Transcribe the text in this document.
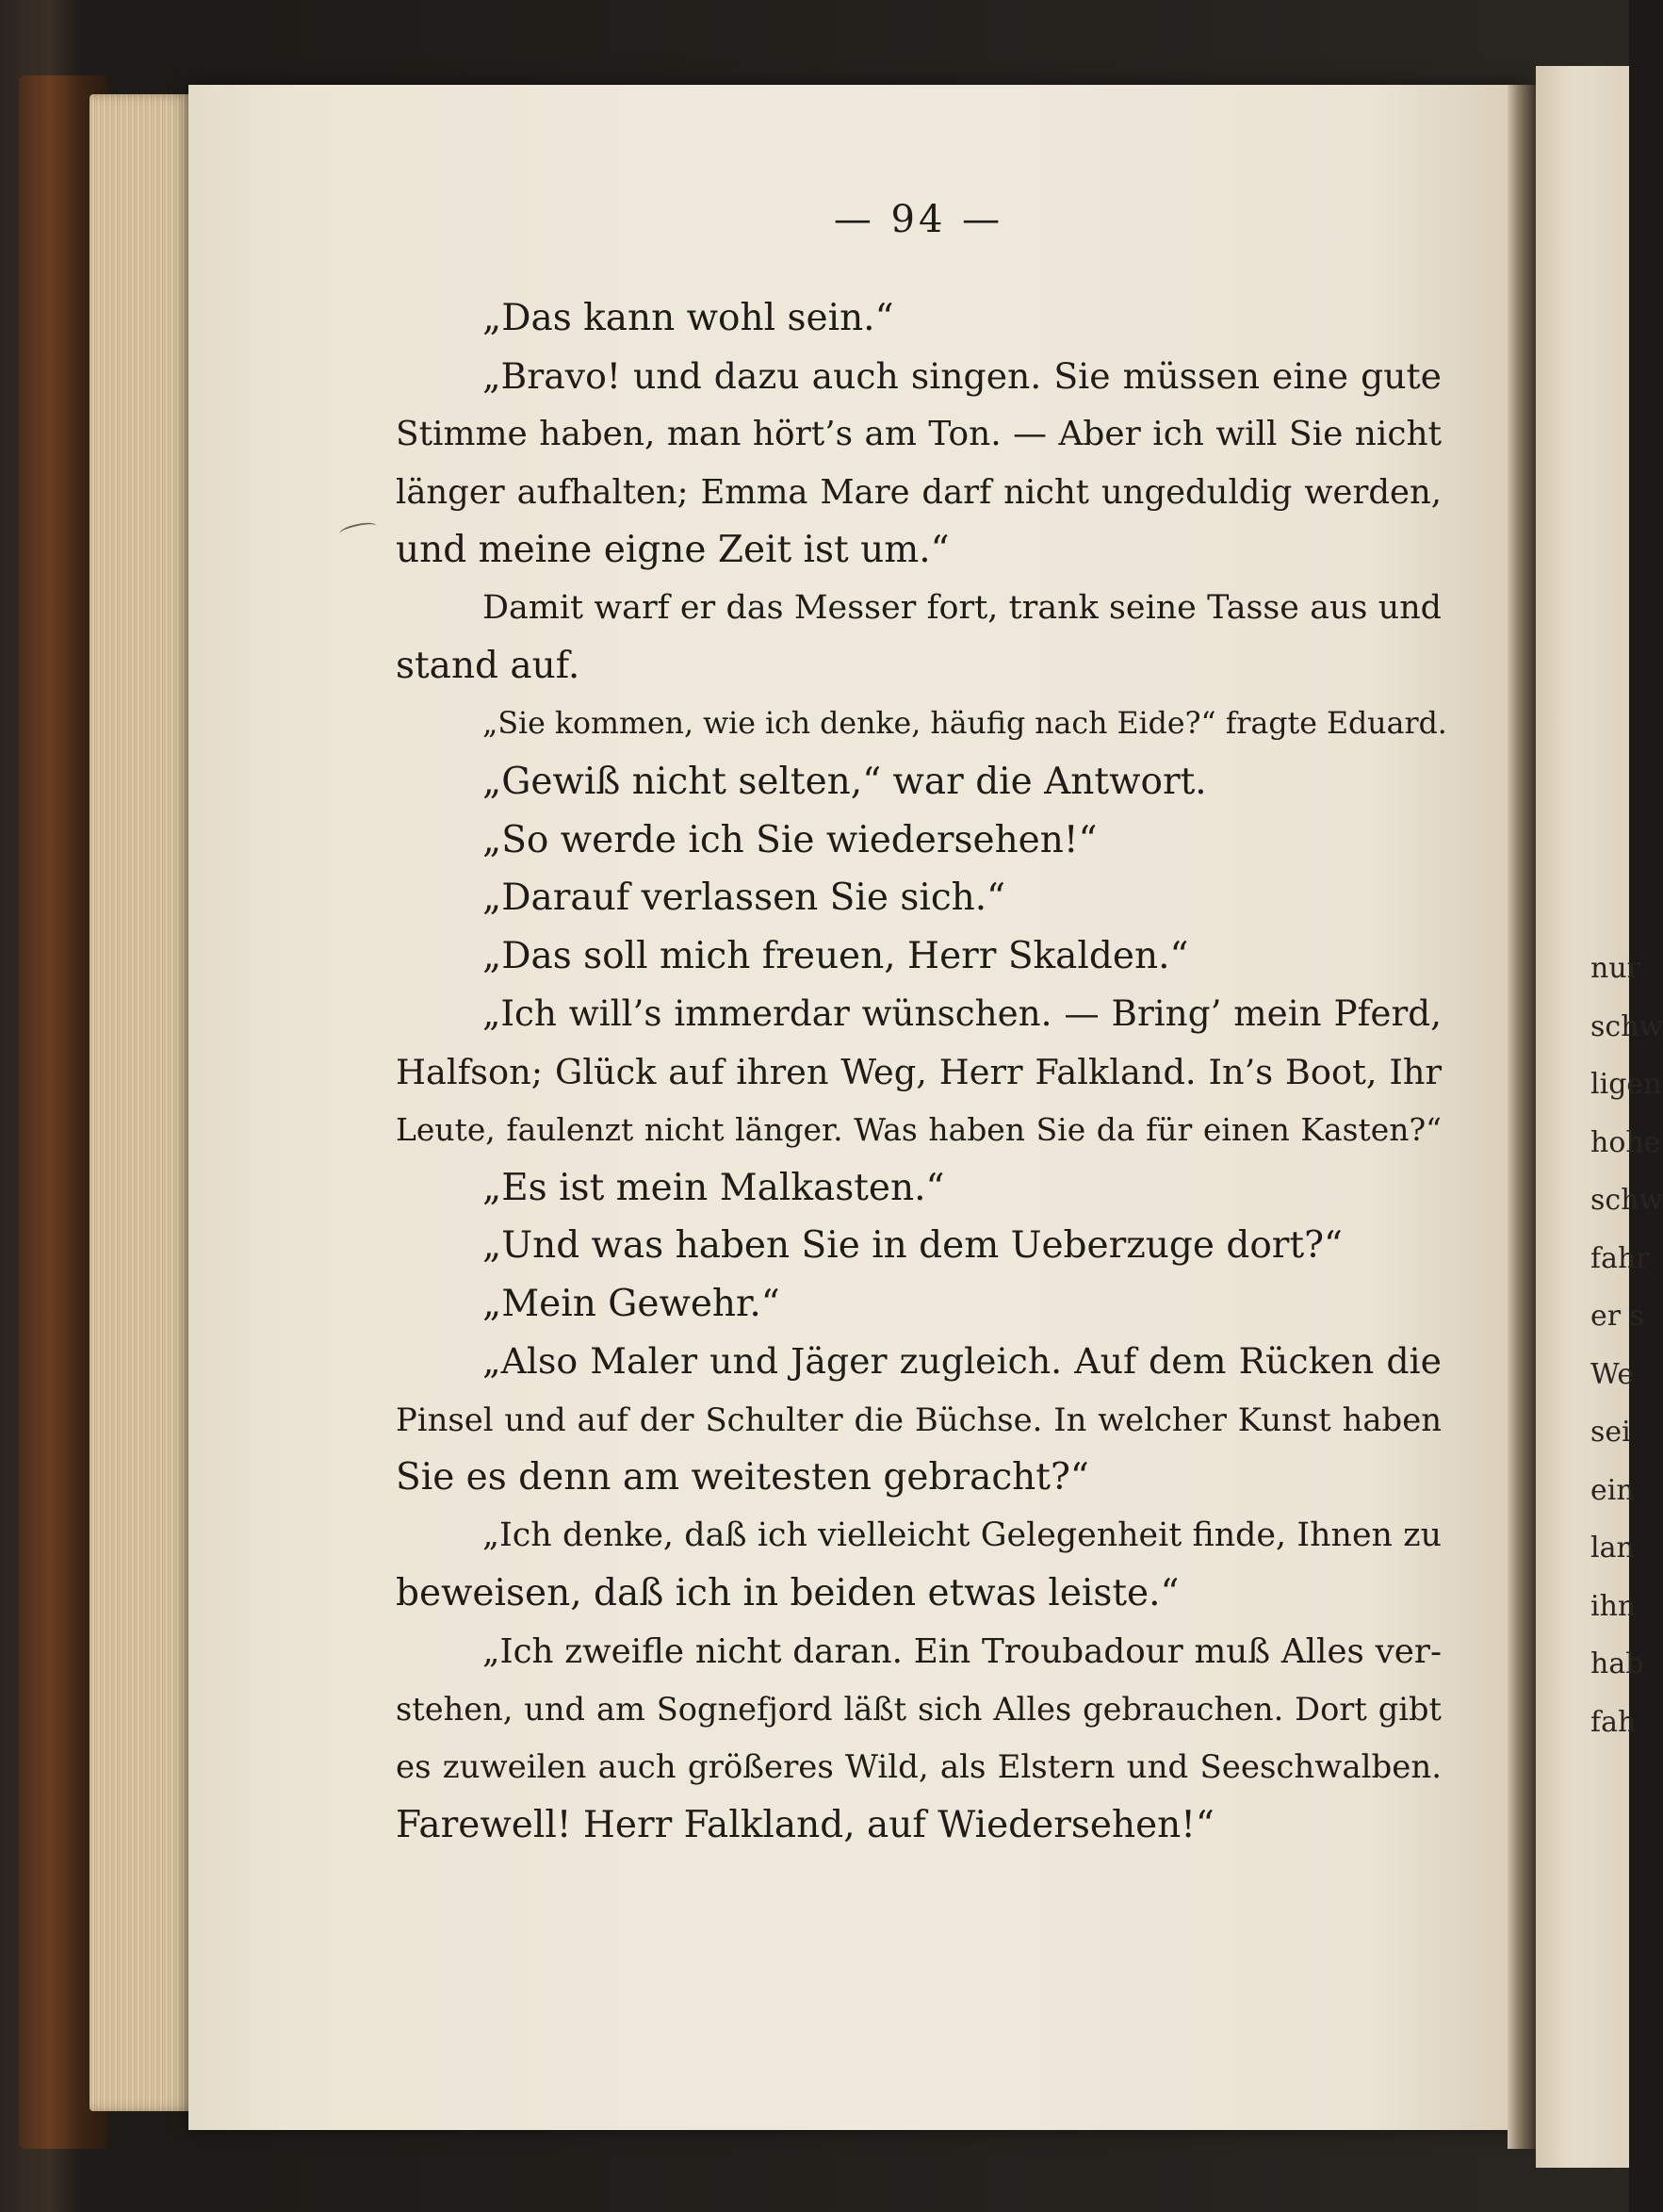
nur
schw
ligen
hohe
schw
fahr
er s
We
sei
ein
lan
ihn
hab
fah
— 94 —
„Das kann wohl sein.“
„Bravo! und dazu auch singen. Sie müssen eine gute
Stimme haben, man hört’s am Ton. — Aber ich will Sie nicht
länger aufhalten; Emma Mare darf nicht ungeduldig werden,
und meine eigne Zeit ist um.“
Damit warf er das Messer fort, trank seine Tasse aus und
stand auf.
„Sie kommen, wie ich denke, häufig nach Eide?“ fragte Eduard.
„Gewiß nicht selten,“ war die Antwort.
„So werde ich Sie wiedersehen!“
„Darauf verlassen Sie sich.“
„Das soll mich freuen, Herr Skalden.“
„Ich will’s immerdar wünschen. — Bring’ mein Pferd,
Halfson; Glück auf ihren Weg, Herr Falkland. In’s Boot, Ihr
Leute, faulenzt nicht länger. Was haben Sie da für einen Kasten?“
„Es ist mein Malkasten.“
„Und was haben Sie in dem Ueberzuge dort?“
„Mein Gewehr.“
„Also Maler und Jäger zugleich. Auf dem Rücken die
Pinsel und auf der Schulter die Büchse. In welcher Kunst haben
Sie es denn am weitesten gebracht?“
„Ich denke, daß ich vielleicht Gelegenheit finde, Ihnen zu
beweisen, daß ich in beiden etwas leiste.“
„Ich zweifle nicht daran. Ein Troubadour muß Alles ver-
stehen, und am Sognefjord läßt sich Alles gebrauchen. Dort gibt
es zuweilen auch größeres Wild, als Elstern und Seeschwalben.
Farewell! Herr Falkland, auf Wiedersehen!“
